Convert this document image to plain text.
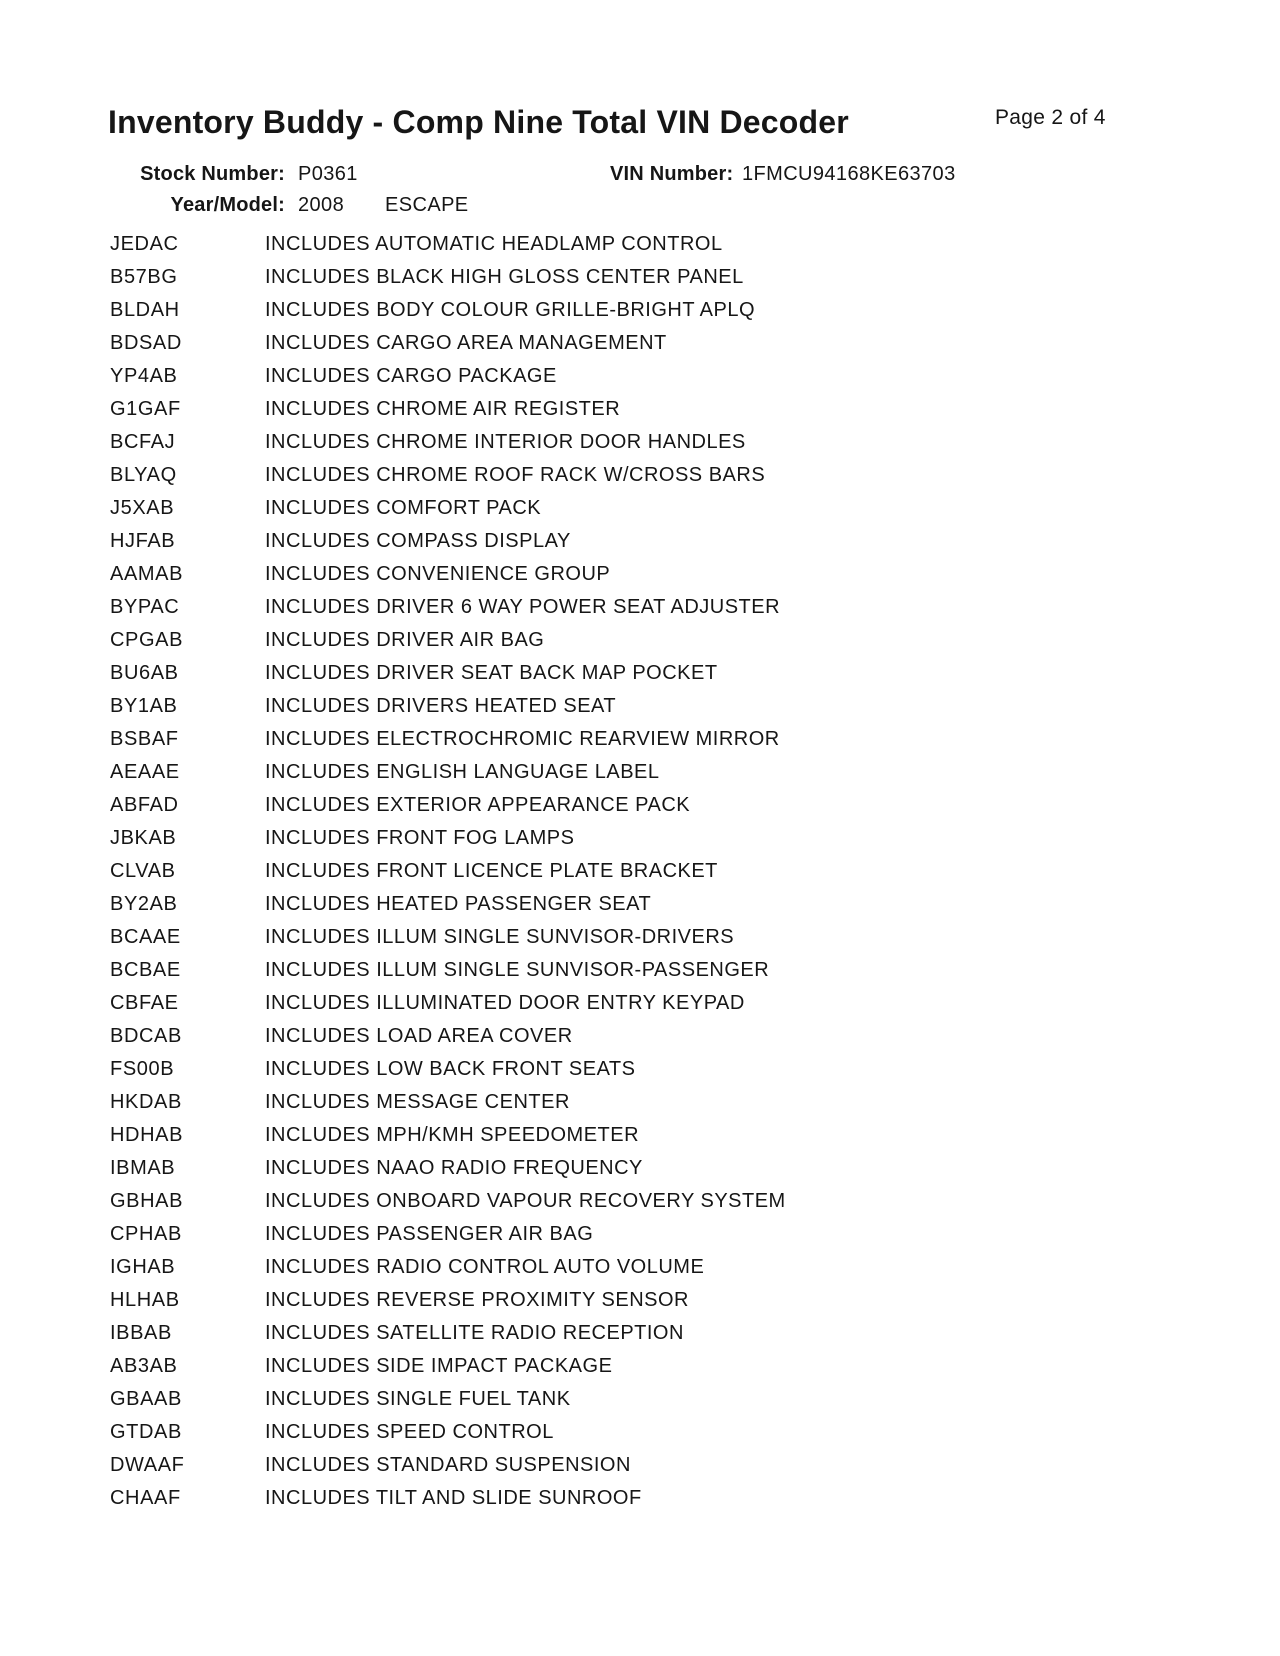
Inventory Buddy - Comp Nine Total VIN Decoder	Page 2 of 4
Stock Number: P0361	VIN Number: 1FMCU94168KE63703
Year/Model: 2008 ESCAPE
JEDAC	INCLUDES AUTOMATIC HEADLAMP CONTROL
B57BG	INCLUDES BLACK HIGH GLOSS CENTER PANEL
BLDAH	INCLUDES BODY COLOUR GRILLE-BRIGHT APLQ
BDSAD	INCLUDES CARGO AREA MANAGEMENT
YP4AB	INCLUDES CARGO PACKAGE
G1GAF	INCLUDES CHROME AIR REGISTER
BCFAJ	INCLUDES CHROME INTERIOR DOOR HANDLES
BLYAQ	INCLUDES CHROME ROOF RACK W/CROSS BARS
J5XAB	INCLUDES COMFORT PACK
HJFAB	INCLUDES COMPASS DISPLAY
AAMAB	INCLUDES CONVENIENCE GROUP
BYPAC	INCLUDES DRIVER 6 WAY POWER SEAT ADJUSTER
CPGAB	INCLUDES DRIVER AIR BAG
BU6AB	INCLUDES DRIVER SEAT BACK MAP POCKET
BY1AB	INCLUDES DRIVERS HEATED SEAT
BSBAF	INCLUDES ELECTROCHROMIC REARVIEW MIRROR
AEAAE	INCLUDES ENGLISH LANGUAGE LABEL
ABFAD	INCLUDES EXTERIOR APPEARANCE PACK
JBKAB	INCLUDES FRONT FOG LAMPS
CLVAB	INCLUDES FRONT LICENCE PLATE BRACKET
BY2AB	INCLUDES HEATED PASSENGER SEAT
BCAAE	INCLUDES ILLUM SINGLE SUNVISOR-DRIVERS
BCBAE	INCLUDES ILLUM SINGLE SUNVISOR-PASSENGER
CBFAE	INCLUDES ILLUMINATED DOOR ENTRY KEYPAD
BDCAB	INCLUDES LOAD AREA COVER
FS00B	INCLUDES LOW BACK FRONT SEATS
HKDAB	INCLUDES MESSAGE CENTER
HDHAB	INCLUDES MPH/KMH SPEEDOMETER
IBMAB	INCLUDES NAAO RADIO FREQUENCY
GBHAB	INCLUDES ONBOARD VAPOUR RECOVERY SYSTEM
CPHAB	INCLUDES PASSENGER AIR BAG
IGHAB	INCLUDES RADIO CONTROL AUTO VOLUME
HLHAB	INCLUDES REVERSE PROXIMITY SENSOR
IBBAB	INCLUDES SATELLITE RADIO RECEPTION
AB3AB	INCLUDES SIDE IMPACT PACKAGE
GBAAB	INCLUDES SINGLE FUEL TANK
GTDAB	INCLUDES SPEED CONTROL
DWAAF	INCLUDES STANDARD SUSPENSION
CHAAF	INCLUDES TILT AND SLIDE SUNROOF
